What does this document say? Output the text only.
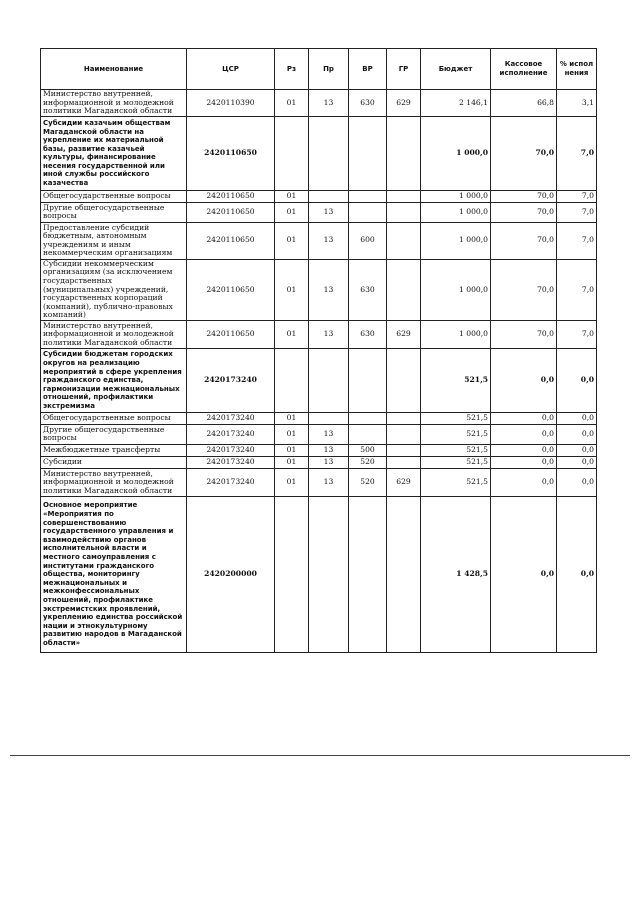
Наименование	ЦСР	Рз	Пр	ВР	ГР	Бюджет	Кассовое исполнение	% испол нения
Министерство внутренней, информационной и молодежной политики Магаданской области	2420110390	01	13	630	629	2 146,1	66,8	3,1
Субсидии казачьим обществам Магаданской области на укрепление их материальной базы, развитие казачьей культуры, финансирование несения государственной или иной службы российского казачества	2420110650					1 000,0	70,0	7,0
Общегосударственные вопросы	2420110650	01				1 000,0	70,0	7,0
Другие общегосударственные вопросы	2420110650	01	13			1 000,0	70,0	7,0
Предоставление субсидий бюджетным, автономным учреждениям и иным некоммерческим организациям	2420110650	01	13	600		1 000,0	70,0	7,0
Субсидии некоммерческим организациям (за исключением государственных (муниципальных) учреждений, государственных корпораций (компаний), публично-правовых компаний)	2420110650	01	13	630		1 000,0	70,0	7,0
Министерство внутренней, информационной и молодежной политики Магаданской области	2420110650	01	13	630	629	1 000,0	70,0	7,0
Субсидии бюджетам городских округов на реализацию мероприятий в сфере укрепления гражданского единства, гармонизации межнациональных отношений, профилактики экстремизма	2420173240					521,5	0,0	0,0
Общегосударственные вопросы	2420173240	01				521,5	0,0	0,0
Другие общегосударственные вопросы	2420173240	01	13			521,5	0,0	0,0
Межбюджетные трансферты	2420173240	01	13	500		521,5	0,0	0,0
Субсидии	2420173240	01	13	520		521,5	0,0	0,0
Министерство внутренней, информационной и молодежной политики Магаданской области	2420173240	01	13	520	629	521,5	0,0	0,0
Основное мероприятие «Мероприятия по совершенствованию государственного управления и взаимодействию органов исполнительной власти и местного самоуправления с институтами гражданского общества, мониторингу межнациональных и межконфессиональных отношений, профилактике экстремистских проявлений, укреплению единства российской нации и этнокультурному развитию народов в Магаданской области»	2420200000					1 428,5	0,0	0,0
